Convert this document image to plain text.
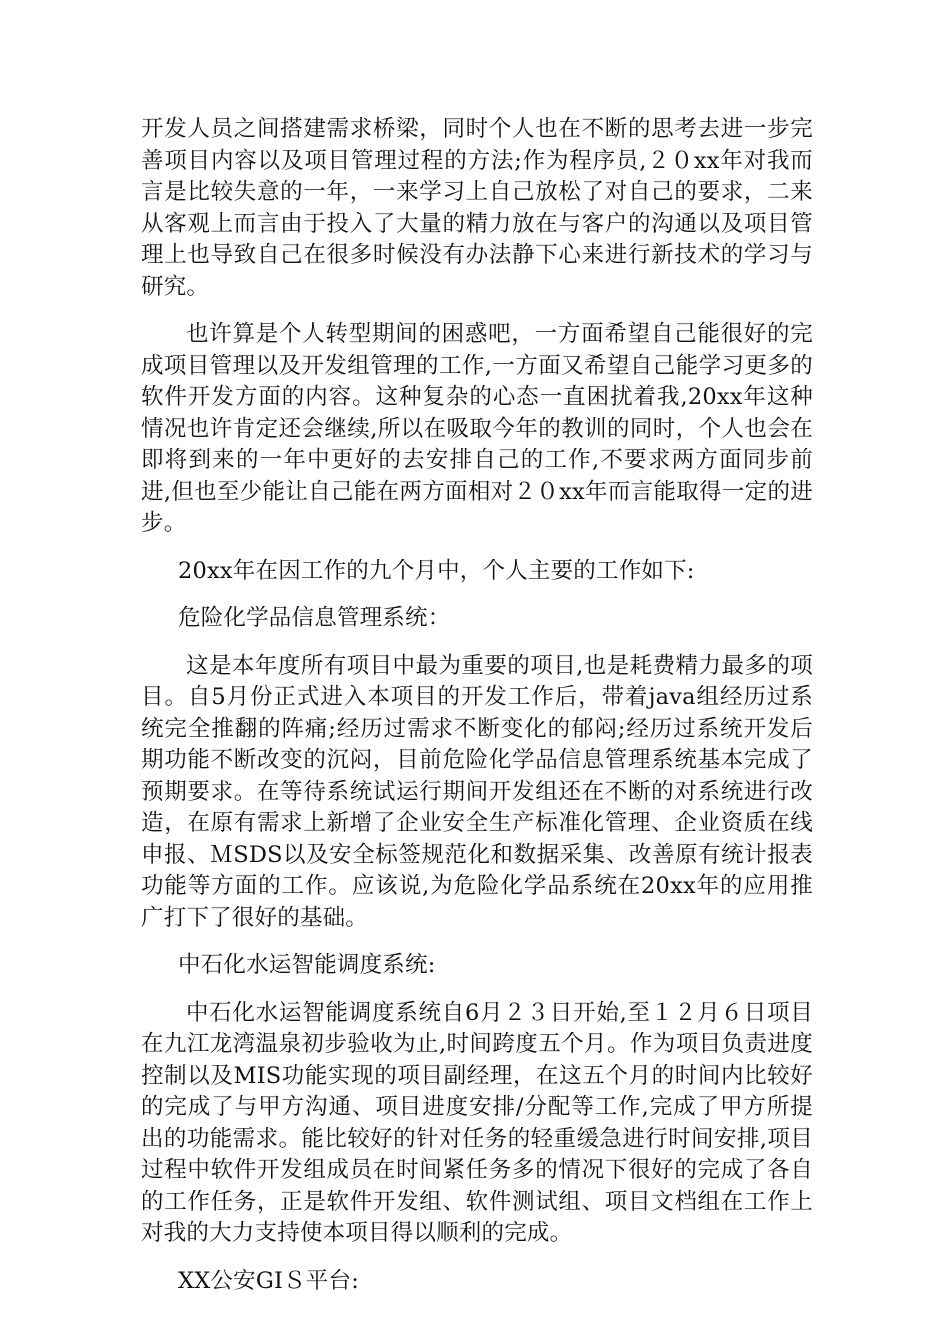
开发人员之间搭建需求桥梁，同时个人也在不断的思考去进一步完善项目内容以及项目管理过程的方法;作为程序员,２０xx年对我而言是比较失意的一年，一来学习上自己放松了对自己的要求，二来从客观上而言由于投入了大量的精力放在与客户的沟通以及项目管理上也导致自己在很多时候没有办法静下心来进行新技术的学习与研究。

也许算是个人转型期间的困惑吧，一方面希望自己能很好的完成项目管理以及开发组管理的工作,一方面又希望自己能学习更多的软件开发方面的内容。这种复杂的心态一直困扰着我,20xx年这种情况也许肯定还会继续,所以在吸取今年的教训的同时，个人也会在即将到来的一年中更好的去安排自己的工作,不要求两方面同步前进,但也至少能让自己能在两方面相对２０xx年而言能取得一定的进步。

20xx年在因工作的九个月中，个人主要的工作如下:

危险化学品信息管理系统：

这是本年度所有项目中最为重要的项目,也是耗费精力最多的项目。自5月份正式进入本项目的开发工作后，带着java组经历过系统完全推翻的阵痛;经历过需求不断变化的郁闷;经历过系统开发后期功能不断改变的沉闷，目前危险化学品信息管理系统基本完成了预期要求。在等待系统试运行期间开发组还在不断的对系统进行改造，在原有需求上新增了企业安全生产标准化管理、企业资质在线申报、ＭSDS以及安全标签规范化和数据采集、改善原有统计报表功能等方面的工作。应该说,为危险化学品系统在20xx年的应用推广打下了很好的基础。

中石化水运智能调度系统:

中石化水运智能调度系统自6月２３日开始,至１２月６日项目在九江龙湾温泉初步验收为止,时间跨度五个月。作为项目负责进度控制以及MIS功能实现的项目副经理，在这五个月的时间内比较好的完成了与甲方沟通、项目进度安排/分配等工作,完成了甲方所提出的功能需求。能比较好的针对任务的轻重缓急进行时间安排,项目过程中软件开发组成员在时间紧任务多的情况下很好的完成了各自的工作任务，正是软件开发组、软件测试组、项目文档组在工作上对我的大力支持使本项目得以顺利的完成。

XX公安GIＳ平台:
